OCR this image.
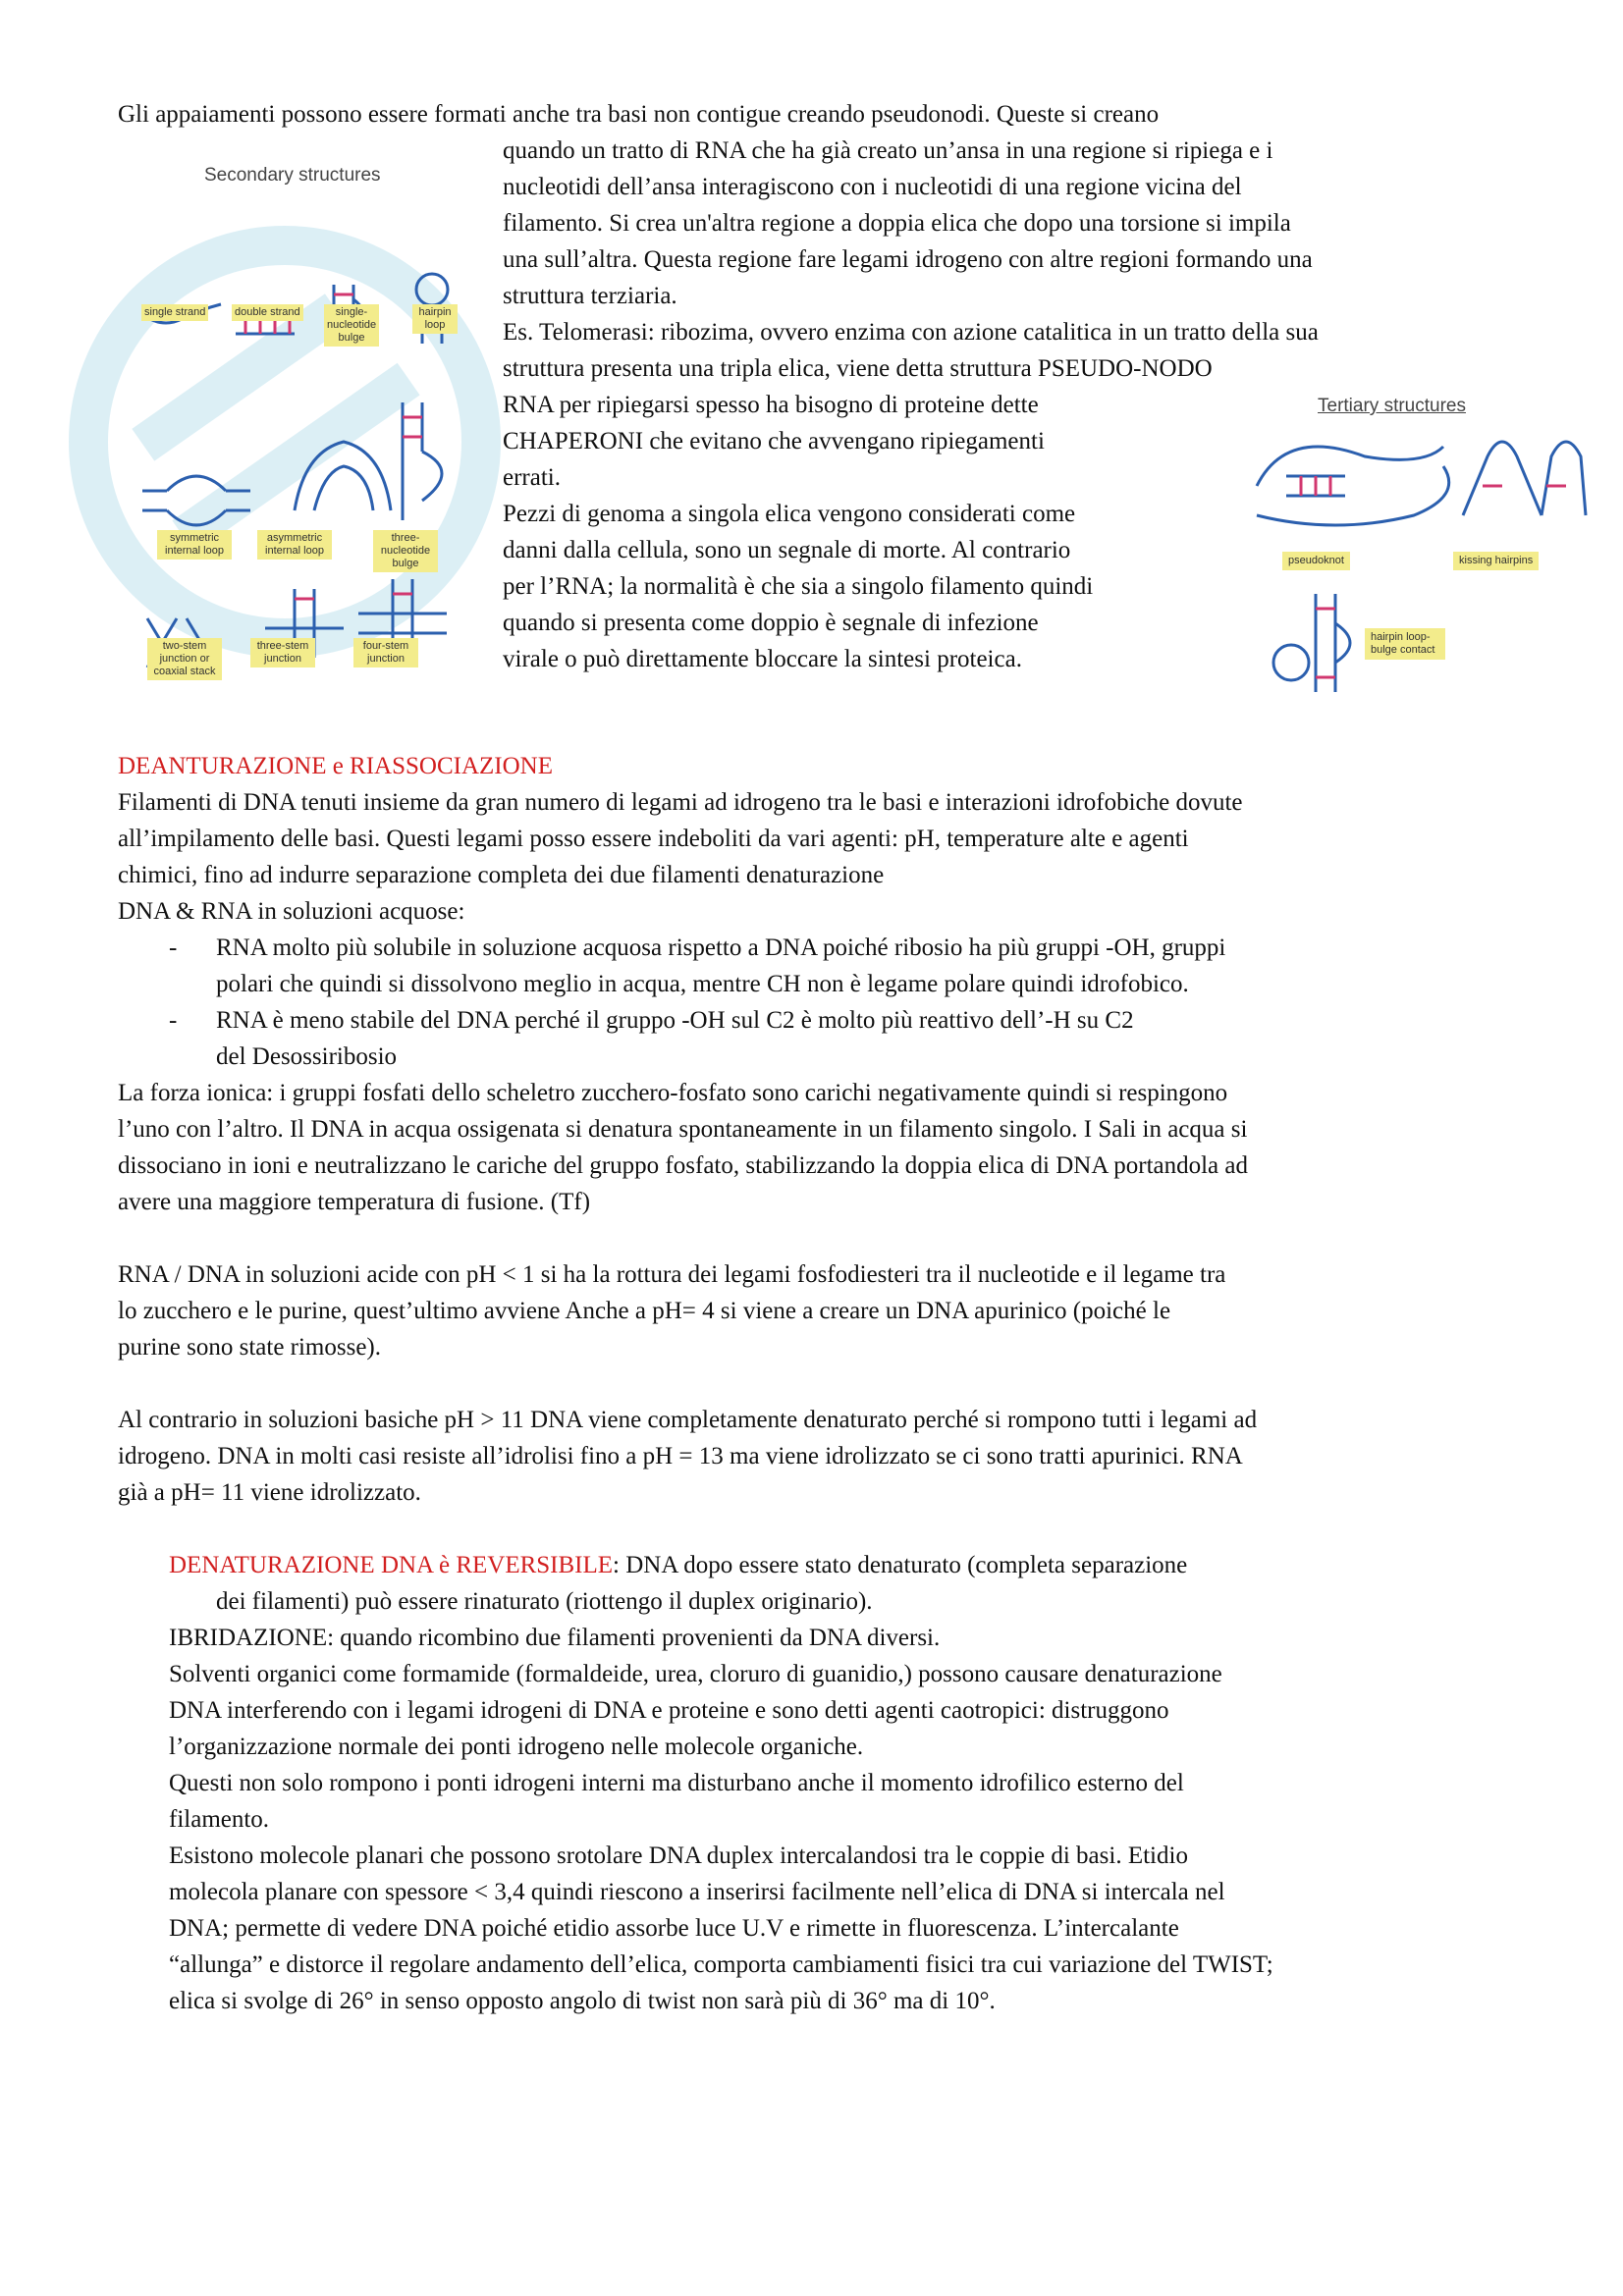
Gli appaiamenti possono essere formati anche tra basi non contigue creando pseudonodi. Queste si creano
quando un tratto di RNA che ha già creato un’ansa in una regione si ripiega e i
nucleotidi dell’ansa interagiscono con i nucleotidi di una regione vicina del
filamento. Si crea un'altra regione a doppia elica che dopo una torsione si impila
una sull’altra. Questa regione fare legami idrogeno con altre regioni formando una
struttura terziaria.
Es. Telomerasi: ribozima, ovvero enzima con azione catalitica in un tratto della sua
struttura presenta una tripla elica, viene detta struttura PSEUDO-NODO
RNA per ripiegarsi spesso ha bisogno di proteine dette
CHAPERONI che evitano che avvengano ripiegamenti
errati.
Pezzi di genoma a singola elica vengono considerati come
danni dalla cellula, sono un segnale di morte. Al contrario
per l’RNA; la normalità è che sia a singolo filamento quindi
quando si presenta come doppio è segnale di infezione
virale o può direttamente bloccare la sintesi proteica.
Secondary structures
single strand	double strand	single-nucleotide bulge
hairpin loop
symmetric internal loop
asymmetric internal loop
three-nucleotide bulge
two-stem junction or coaxial stack
three-stem junction
four-stem junction
Tertiary structures
pseudoknot	kissing hairpins
hairpin loop-bulge contact
DEANTURAZIONE e RIASSOCIAZIONE
Filamenti di DNA tenuti insieme da gran numero di legami ad idrogeno tra le basi e interazioni idrofobiche dovute
all’impilamento delle basi. Questi legami posso essere indeboliti da vari agenti: pH, temperature alte e agenti
chimici, fino ad indurre separazione completa dei due filamenti denaturazione
DNA & RNA in soluzioni acquose:
- RNA molto più solubile in soluzione acquosa rispetto a DNA poiché ribosio ha più gruppi -OH, gruppi
polari che quindi si dissolvono meglio in acqua, mentre CH non è legame polare quindi idrofobico.
- RNA è meno stabile del DNA perché il gruppo -OH sul C2 è molto più reattivo dell’-H su C2
del Desossiribosio
La forza ionica: i gruppi fosfati dello scheletro zucchero-fosfato sono carichi negativamente quindi si respingono
l’uno con l’altro. Il DNA in acqua ossigenata si denatura spontaneamente in un filamento singolo. I Sali in acqua si
dissociano in ioni e neutralizzano le cariche del gruppo fosfato, stabilizzando la doppia elica di DNA portandola ad
avere una maggiore temperatura di fusione. (Tf)
RNA / DNA in soluzioni acide con pH < 1 si ha la rottura dei legami fosfodiesteri tra il nucleotide e il legame tra
lo zucchero e le purine, quest’ultimo avviene Anche a pH= 4 si viene a creare un DNA apurinico (poiché le
purine sono state rimosse).
Al contrario in soluzioni basiche pH > 11 DNA viene completamente denaturato perché si rompono tutti i legami ad
idrogeno. DNA in molti casi resiste all’idrolisi fino a pH = 13 ma viene idrolizzato se ci sono tratti apurinici. RNA
già a pH= 11 viene idrolizzato.
DENATURAZIONE DNA è REVERSIBILE: DNA dopo essere stato denaturato (completa separazione
dei filamenti) può essere rinaturato (riottengo il duplex originario).
IBRIDAZIONE: quando ricombino due filamenti provenienti da DNA diversi.
Solventi organici come formamide (formaldeide, urea, cloruro di guanidio,) possono causare denaturazione
DNA interferendo con i legami idrogeni di DNA e proteine e sono detti agenti caotropici: distruggono
l’organizzazione normale dei ponti idrogeno nelle molecole organiche.
Questi non solo rompono i ponti idrogeni interni ma disturbano anche il momento idrofilico esterno del
filamento.
Esistono molecole planari che possono srotolare DNA duplex intercalandosi tra le coppie di basi. Etidio
molecola planare con spessore < 3,4 quindi riescono a inserirsi facilmente nell’elica di DNA si intercala nel
DNA; permette di vedere DNA poiché etidio assorbe luce U.V e rimette in fluorescenza. L’intercalante
“allunga” e distorce il regolare andamento dell’elica, comporta cambiamenti fisici tra cui variazione del TWIST;
elica si svolge di 26° in senso opposto angolo di twist non sarà più di 36° ma di 10°.
